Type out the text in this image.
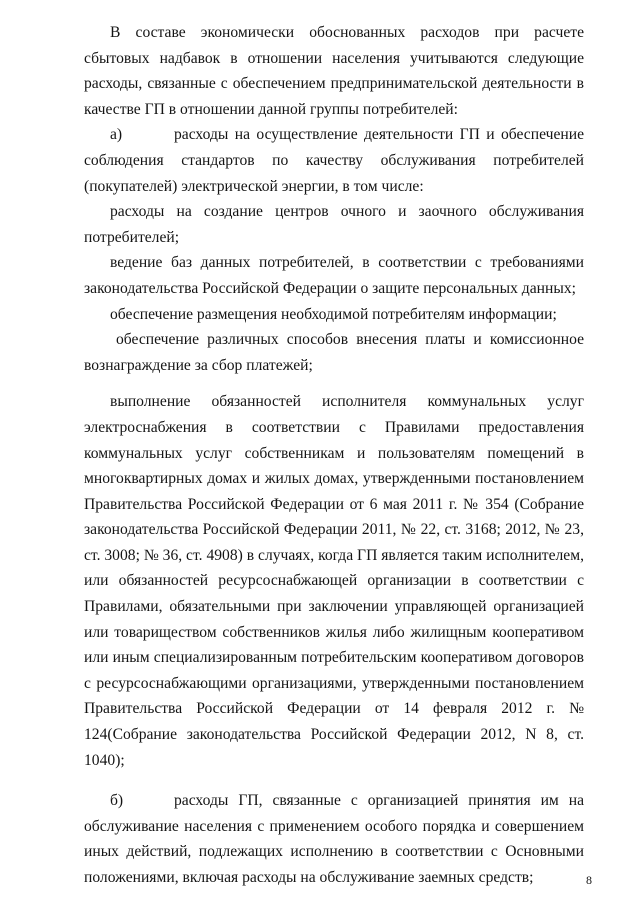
В составе экономически обоснованных расходов при расчете сбытовых надбавок в отношении населения учитываются следующие расходы, связанные с обеспечением предпринимательской деятельности в качестве ГП в отношении данной группы потребителей:

а)	расходы на осуществление деятельности ГП и обеспечение соблюдения стандартов по качеству обслуживания потребителей (покупателей) электрической энергии, в том числе:

расходы на создание центров очного и заочного обслуживания потребителей;

ведение баз данных потребителей, в соответствии с требованиями законодательства Российской Федерации о защите персональных данных;

обеспечение размещения необходимой потребителям информации;

обеспечение различных способов внесения платы и комиссионное вознаграждение за сбор платежей;

выполнение обязанностей исполнителя коммунальных услуг электроснабжения в соответствии с Правилами предоставления коммунальных услуг собственникам и пользователям помещений в многоквартирных домах и жилых домах, утвержденными постановлением Правительства Российской Федерации от 6 мая 2011 г. № 354 (Собрание законодательства Российской Федерации 2011, № 22, ст. 3168; 2012, № 23, ст. 3008; № 36, ст. 4908) в случаях, когда ГП является таким исполнителем, или обязанностей ресурсоснабжающей организации в соответствии с Правилами, обязательными при заключении управляющей организацией или товариществом собственников жилья либо жилищным кооперативом или иным специализированным потребительским кооперативом договоров с ресурсоснабжающими организациями, утвержденными постановлением Правительства Российской Федерации от 14 февраля 2012 г. № 124(Собрание законодательства Российской Федерации 2012, N 8, ст. 1040);

б)	расходы ГП, связанные с организацией принятия им на обслуживание населения с применением особого порядка и совершением иных действий, подлежащих исполнению в соответствии с Основными положениями, включая расходы на обслуживание заемных средств;	8
